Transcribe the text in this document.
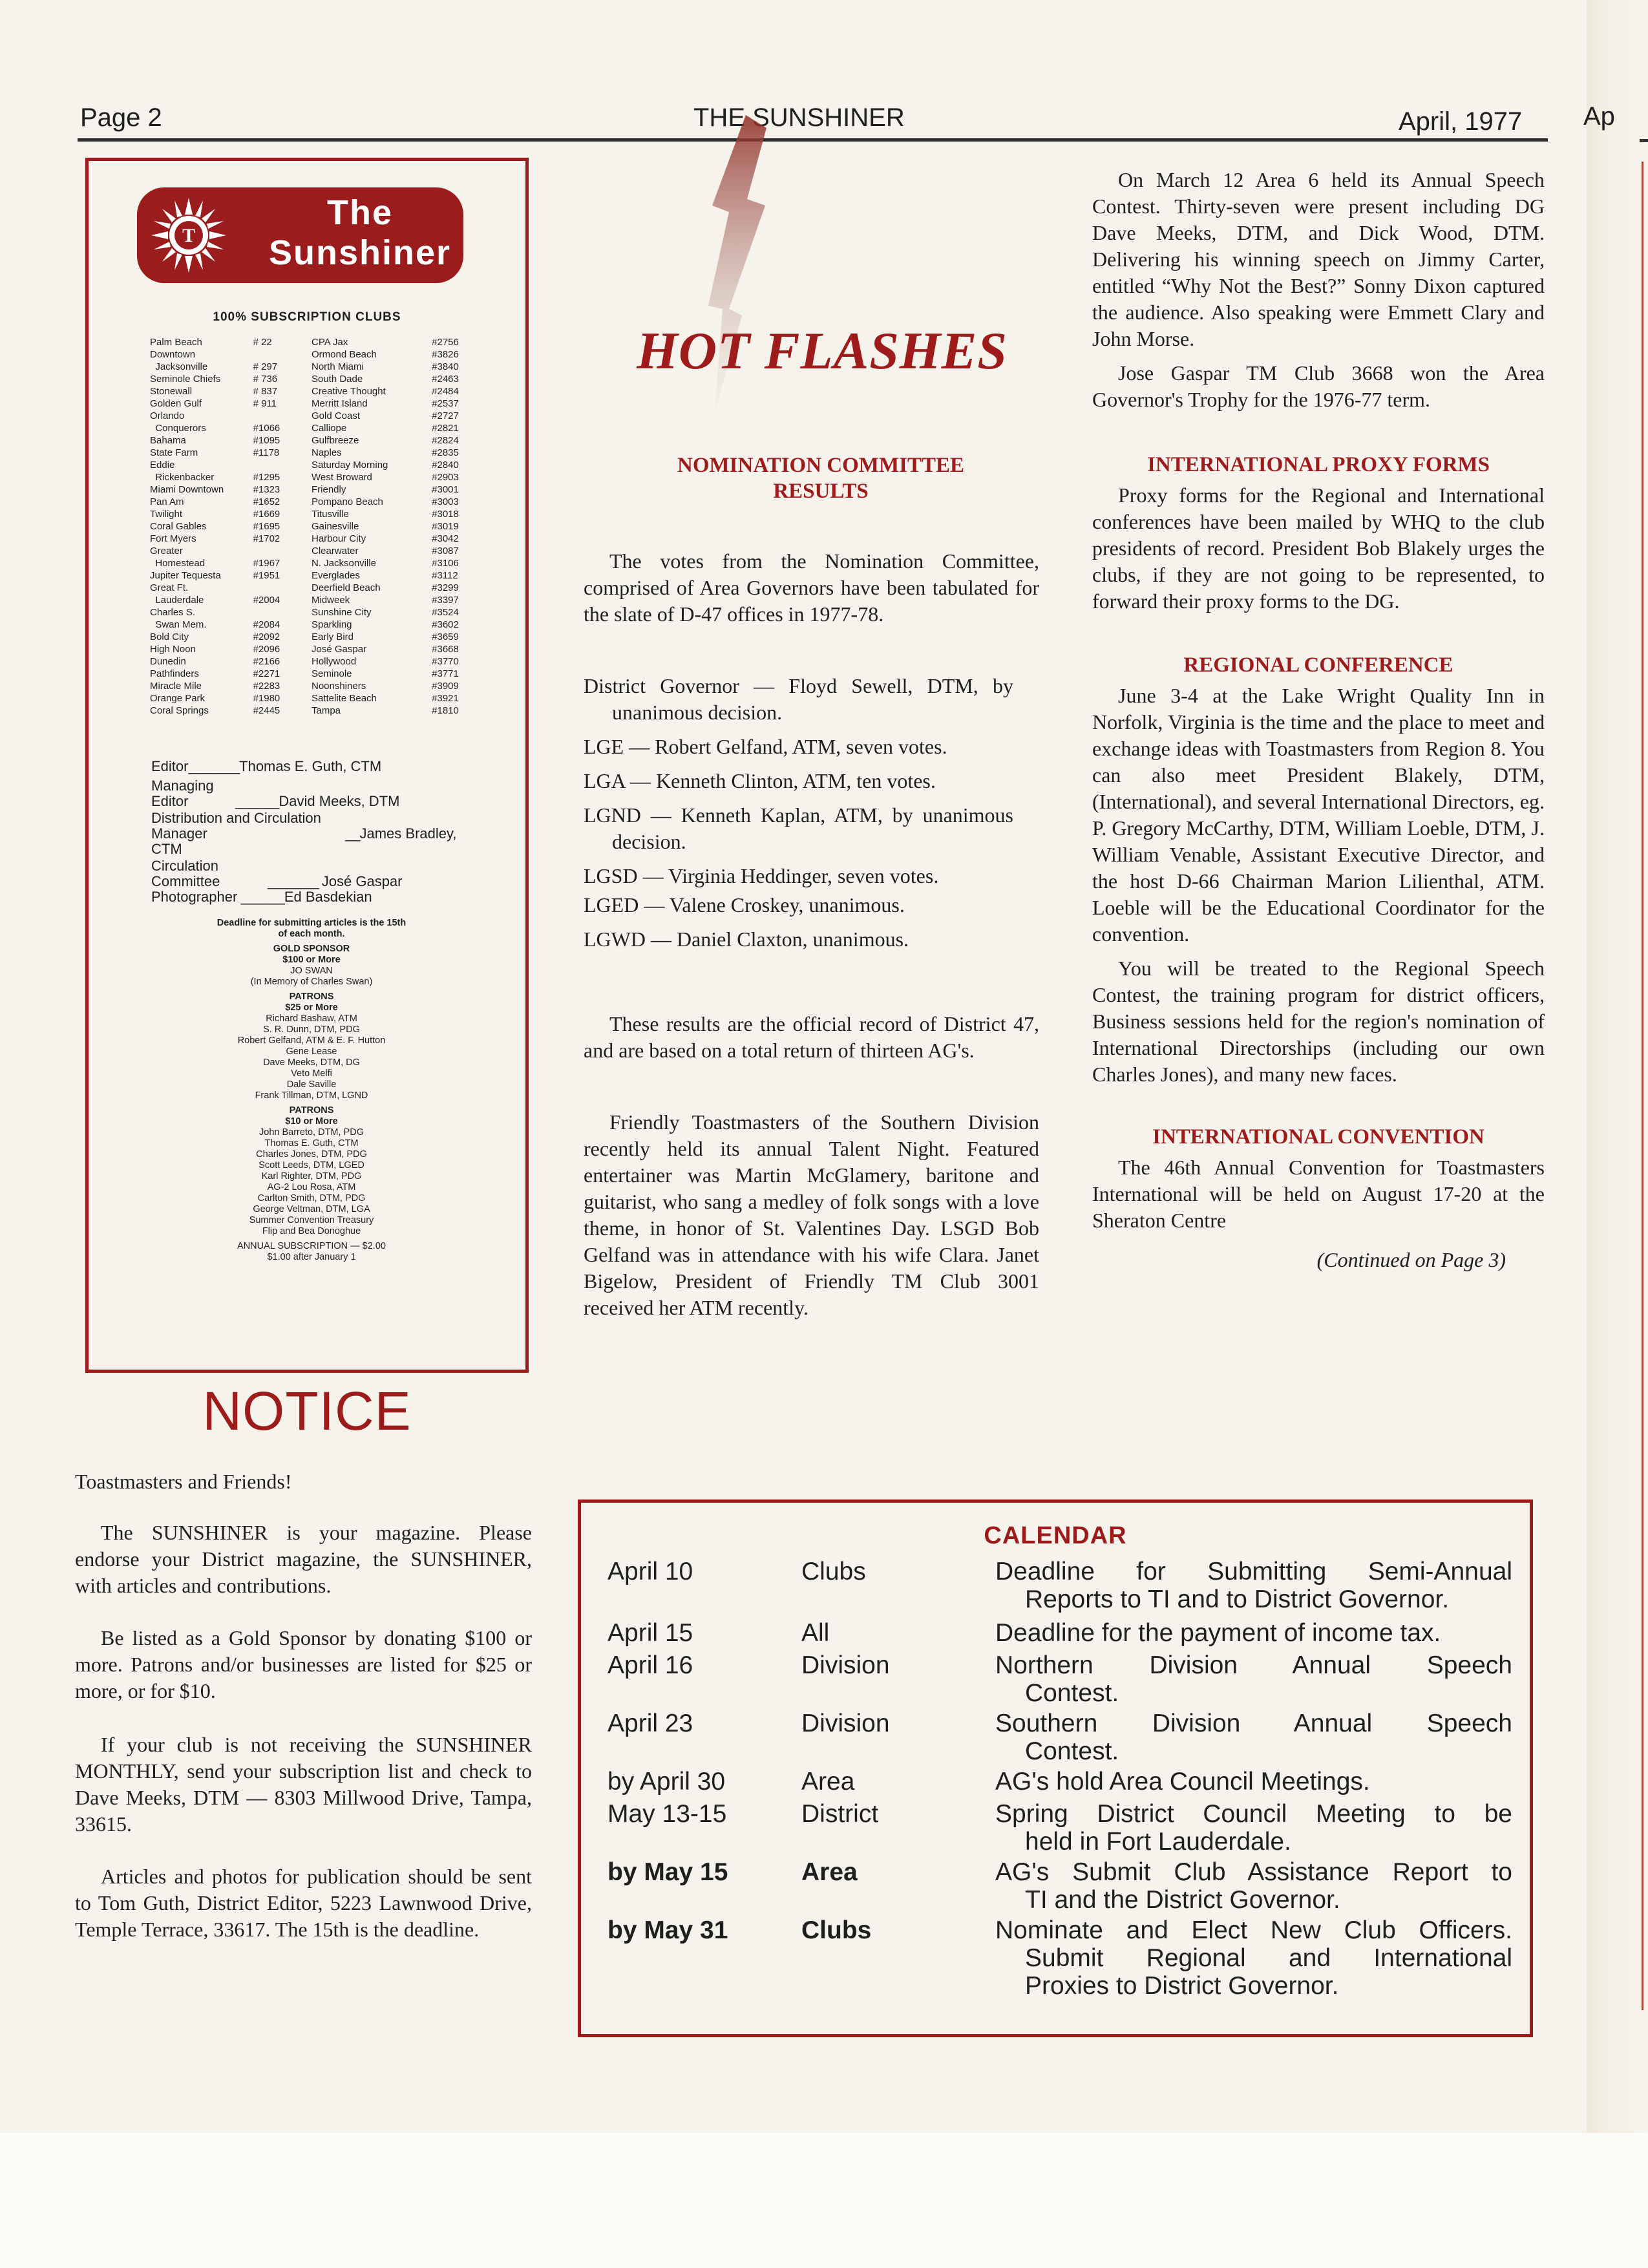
Ap
Page 2	THE SUNSHINER	April, 1977
T
The
Sunshiner
100% SUBSCRIPTION CLUBS
Palm Beach	# 22	CPA Jax	#2756
Downtown		Ormond Beach	#3826
Jacksonville	# 297	North Miami	#3840
Seminole Chiefs	# 736	South Dade	#2463
Stonewall	# 837	Creative Thought	#2484
Golden Gulf	# 911	Merritt Island	#2537
Orlando		Gold Coast	#2727
Conquerors	#1066	Calliope	#2821
Bahama	#1095	Gulfbreeze	#2824
State Farm	#1178	Naples	#2835
Eddie		Saturday Morning	#2840
Rickenbacker	#1295	West Broward	#2903
Miami Downtown	#1323	Friendly	#3001
Pan Am	#1652	Pompano Beach	#3003
Twilight	#1669	Titusville	#3018
Coral Gables	#1695	Gainesville	#3019
Fort Myers	#1702	Harbour City	#3042
Greater		Clearwater	#3087
Homestead	#1967	N. Jacksonville	#3106
Jupiter Tequesta	#1951	Everglades	#3112
Great Ft.		Deerfield Beach	#3299
Lauderdale	#2004	Midweek	#3397
Charles S.		Sunshine City	#3524
Swan Mem.	#2084	Sparkling	#3602
Bold City	#2092	Early Bird	#3659
High Noon	#2096	José Gaspar	#3668
Dunedin	#2166	Hollywood	#3770
Pathfinders	#2271	Seminole	#3771
Miracle Mile	#2283	Noonshiners	#3909
Orange Park	#1980	Sattelite Beach	#3921
Coral Springs	#2445	Tampa	#1810
Editor_______Thomas E. Guth, CTM
Managing Editor	______David Meeks, DTM
Distribution and Circulation Manager	__James Bradley, CTM
Circulation Committee	_______ José Gaspar
Photographer ______Ed Basdekian
Deadline for submitting articles is the 15th of each month.
GOLD SPONSOR
$100 or More
JO SWAN
(In Memory of Charles Swan)
PATRONS
$25 or More
Richard Bashaw, ATM
S. R. Dunn, DTM, PDG
Robert Gelfand, ATM & E. F. Hutton
Gene Lease
Dave Meeks, DTM, DG
Veto Melfi
Dale Saville
Frank Tillman, DTM, LGND
PATRONS
$10 or More
John Barreto, DTM, PDG
Thomas E. Guth, CTM
Charles Jones, DTM, PDG
Scott Leeds, DTM, LGED
Karl Righter, DTM, PDG
AG-2 Lou Rosa, ATM
Carlton Smith, DTM, PDG
George Veltman, DTM, LGA
Summer Convention Treasury
Flip and Bea Donoghue
ANNUAL SUBSCRIPTION — $2.00
$1.00 after January 1
NOTICE

Toastmasters and Friends!

The SUNSHINER is your magazine. Please endorse your District magazine, the SUNSHINER, with articles and contributions.

Be listed as a Gold Sponsor by donating $100 or more. Patrons and/or businesses are listed for $25 or more, or for $10.

If your club is not receiving the SUNSHINER MONTHLY, send your subscription list and check to Dave Meeks, DTM — 8303 Millwood Drive, Tampa, 33615.

Articles and photos for publication should be sent to Tom Guth, District Editor, 5223 Lawnwood Drive, Temple Terrace, 33617. The 15th is the deadline.

HOT FLASHES
NOMINATION COMMITTEE RESULTS

The votes from the Nomination Committee, comprised of Area Governors have been tabulated for the slate of D-47 offices in 1977-78.

District Governor — Floyd Sewell, DTM, by unanimous decision.
LGE — Robert Gelfand, ATM, seven votes.
LGA — Kenneth Clinton, ATM, ten votes.
LGND — Kenneth Kaplan, ATM, by unanimous decision.
LGSD — Virginia Heddinger, seven votes.
LGED — Valene Croskey, unanimous.
LGWD — Daniel Claxton, unanimous.

These results are the official record of District 47, and are based on a total return of thirteen AG's.

Friendly Toastmasters of the Southern Division recently held its annual Talent Night. Featured entertainer was Martin McGlamery, baritone and guitarist, who sang a medley of folk songs with a love theme, in honor of St. Valentines Day. LSGD Bob Gelfand was in attendance with his wife Clara. Janet Bigelow, President of Friendly TM Club 3001 received her ATM recently.

On March 12 Area 6 held its Annual Speech Contest. Thirty-seven were present including DG Dave Meeks, DTM, and Dick Wood, DTM. Delivering his winning speech on Jimmy Carter, entitled “Why Not the Best?” Sonny Dixon captured the audience. Also speaking were Emmett Clary and John Morse.

Jose Gaspar TM Club 3668 won the Area Governor's Trophy for the 1976-77 term.

INTERNATIONAL PROXY FORMS

Proxy forms for the Regional and International conferences have been mailed by WHQ to the club presidents of record. President Bob Blakely urges the clubs, if they are not going to be represented, to forward their proxy forms to the DG.

REGIONAL CONFERENCE

June 3-4 at the Lake Wright Quality Inn in Norfolk, Virginia is the time and the place to meet and exchange ideas with Toastmasters from Region 8. You can also meet President Blakely, DTM, (International), and several International Directors, eg. P. Gregory McCarthy, DTM, William Loeble, DTM, J. William Venable, Assistant Executive Director, and the host D-66 Chairman Marion Lilienthal, ATM. Loeble will be the Educational Coordinator for the convention.

You will be treated to the Regional Speech Contest, the training program for district officers, Business sessions held for the region's nomination of International Directorships (including our own Charles Jones), and many new faces.

INTERNATIONAL CONVENTION

The 46th Annual Convention for Toastmasters International will be held on August 17-20 at the Sheraton Centre

(Continued on Page 3)
CALENDAR
April 10	Clubs	Deadline for Submitting Semi-Annual
Reports to TI and to District Governor.
April 15	All	Deadline for the payment of income tax.
April 16	Division	Northern Division Annual Speech
Contest.
April 23	Division	Southern Division Annual Speech
Contest.
by April 30	Area	AG's hold Area Council Meetings.
May 13-15	District	Spring District Council Meeting to be
held in Fort Lauderdale.
by May 15	Area	AG's Submit Club Assistance Report to
TI and the District Governor.
by May 31	Clubs	Nominate and Elect New Club Officers.
Submit Regional and International
Proxies to District Governor.
